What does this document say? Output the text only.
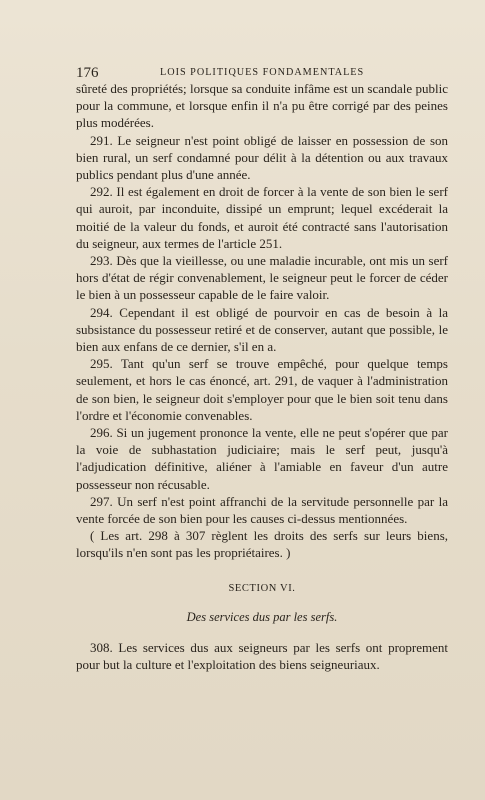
176	LOIS POLITIQUES FONDAMENTALES

sûreté des propriétés; lorsque sa conduite infâme est un scandale public pour la commune, et lorsque enfin il n'a pu être corrigé par des peines plus modérées.

291. Le seigneur n'est point obligé de laisser en possession de son bien rural, un serf condamné pour délit à la détention ou aux travaux publics pendant plus d'une année.

292. Il est également en droit de forcer à la vente de son bien le serf qui auroit, par inconduite, dissipé un emprunt; lequel excéderait la moitié de la valeur du fonds, et auroit été contracté sans l'autorisation du seigneur, aux termes de l'article 251.

293. Dès que la vieillesse, ou une maladie incurable, ont mis un serf hors d'état de régir convenablement, le seigneur peut le forcer de céder le bien à un possesseur capable de le faire valoir.

294. Cependant il est obligé de pourvoir en cas de besoin à la subsistance du possesseur retiré et de conserver, autant que possible, le bien aux enfans de ce dernier, s'il en a.

295. Tant qu'un serf se trouve empêché, pour quelque temps seulement, et hors le cas énoncé, art. 291, de vaquer à l'administration de son bien, le seigneur doit s'employer pour que le bien soit tenu dans l'ordre et l'économie convenables.

296. Si un jugement prononce la vente, elle ne peut s'opérer que par la voie de subhastation judiciaire; mais le serf peut, jusqu'à l'adjudication définitive, aliéner à l'amiable en faveur d'un autre possesseur non récusable.

297. Un serf n'est point affranchi de la servitude personnelle par la vente forcée de son bien pour les causes ci-dessus mentionnées.

( Les art. 298 à 307 règlent les droits des serfs sur leurs biens, lorsqu'ils n'en sont pas les propriétaires. )

SECTION VI.
Des services dus par les serfs.

308. Les services dus aux seigneurs par les serfs ont proprement pour but la culture et l'exploitation des biens seigneuriaux.
